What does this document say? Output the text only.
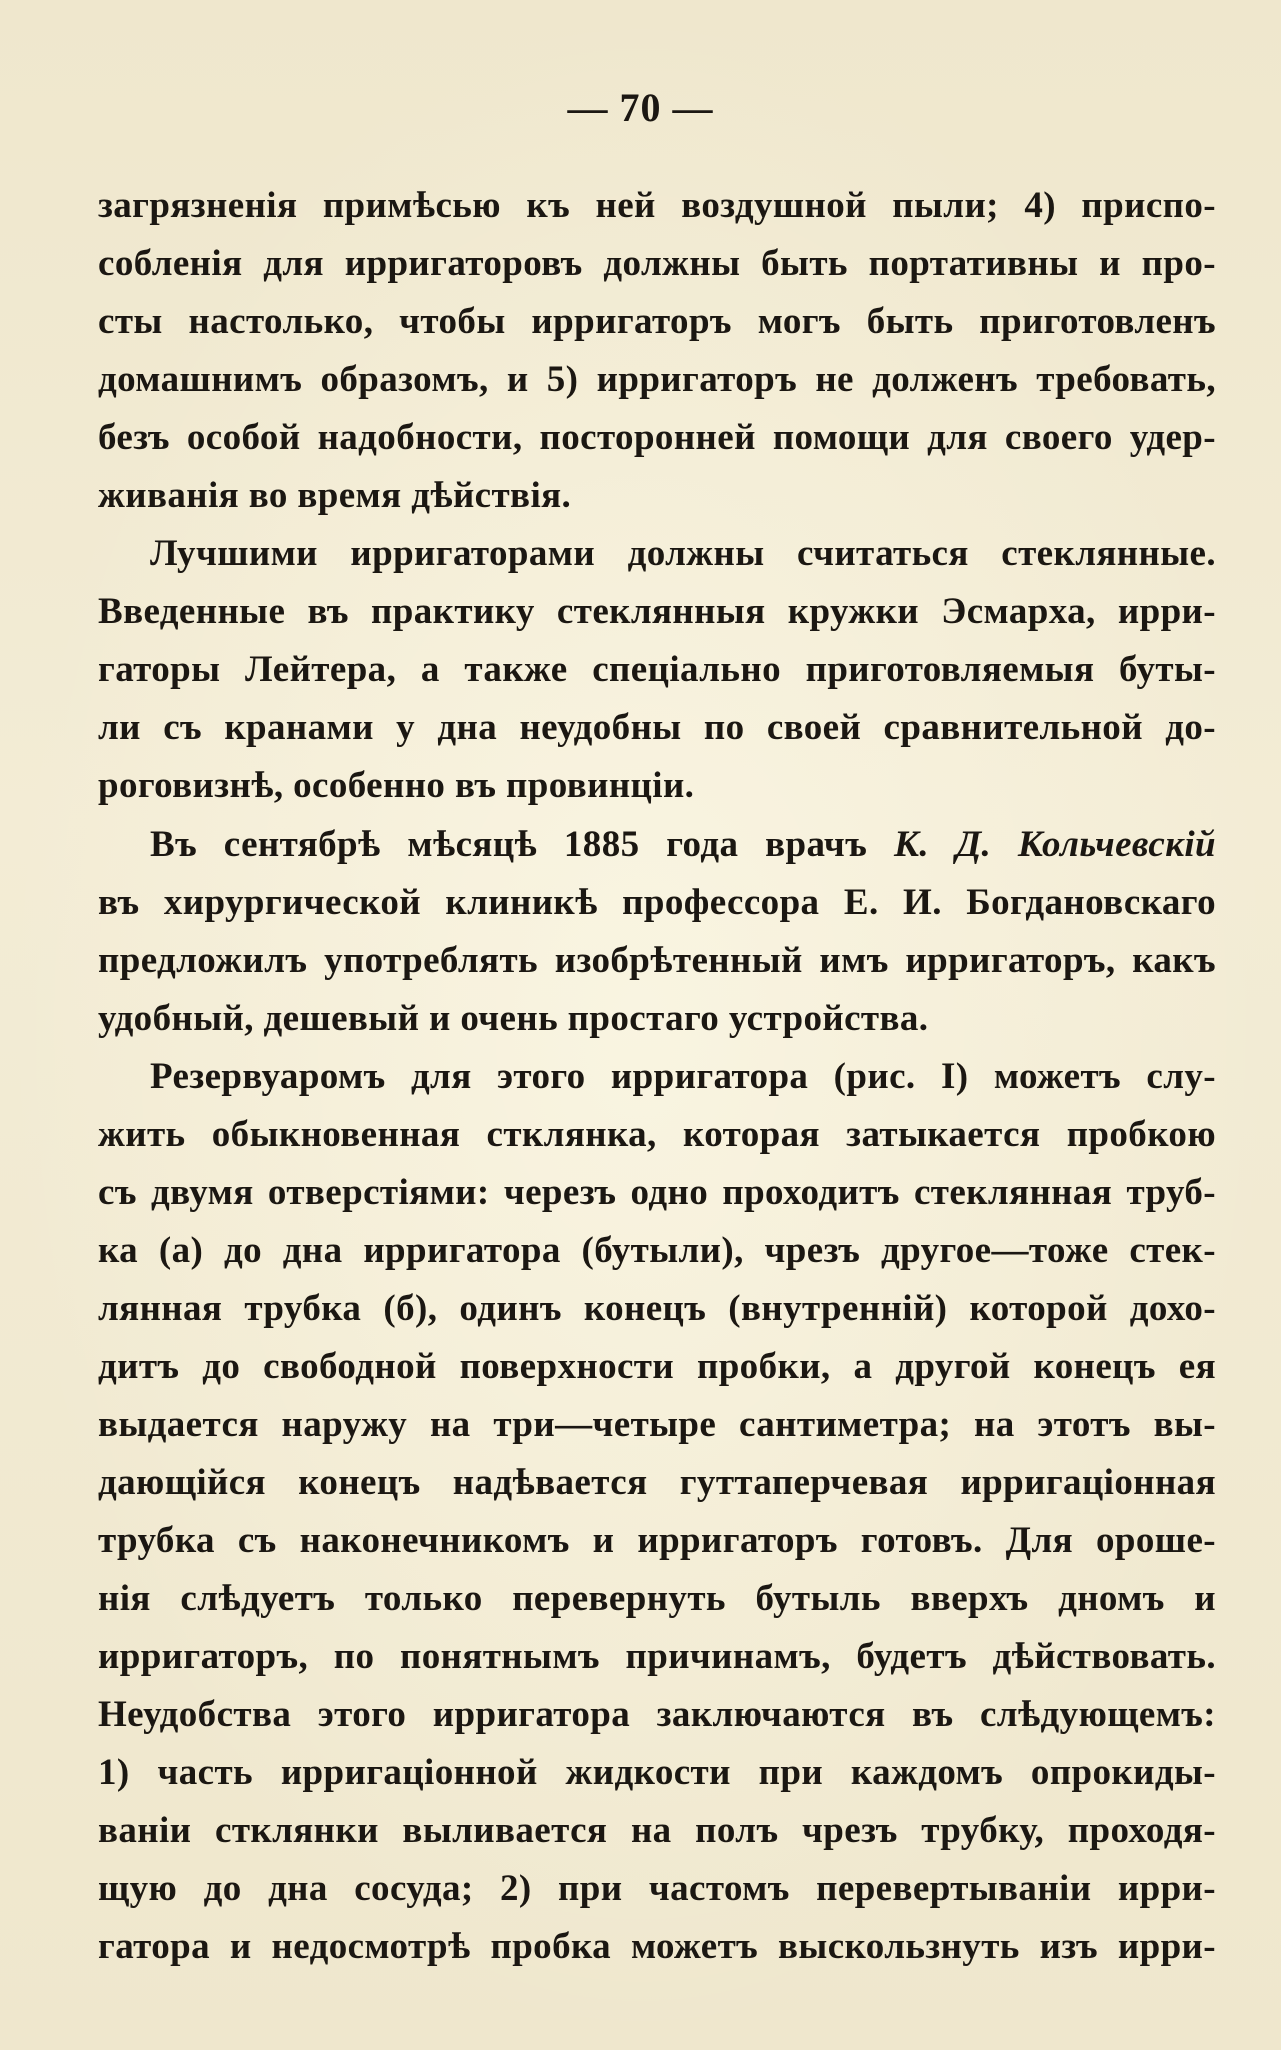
— 70 —
загрязненія примѣсью къ ней воздушной пыли; 4) приспо-
собленія для ирригаторовъ должны быть портативны и про-
сты настолько, чтобы ирригаторъ могъ быть приготовленъ
домашнимъ образомъ, и 5) ирригаторъ не долженъ требовать,
безъ особой надобности, посторонней помощи для своего удер-
живанія во время дѣйствія.
Лучшими ирригаторами должны считаться стеклянные.
Введенные въ практику стеклянныя кружки Эсмарха, ирри-
гаторы Лейтера, а также спеціально приготовляемыя буты-
ли съ кранами у дна неудобны по своей сравнительной до-
роговизнѣ, особенно въ провинціи.
Въ сентябрѣ мѣсяцѣ 1885 года врачъ К. Д. Кольчевскій
въ хирургической клиникѣ профессора Е. И. Богдановскаго
предложилъ употреблять изобрѣтенный имъ ирригаторъ, какъ
удобный, дешевый и очень простаго устройства.
Резервуаромъ для этого ирригатора (рис. I) можетъ слу-
жить обыкновенная стклянка, которая затыкается пробкою
съ двумя отверстіями: черезъ одно проходитъ стеклянная труб-
ка (а) до дна ирригатора (бутыли), чрезъ другое—тоже стек-
лянная трубка (б), одинъ конецъ (внутренній) которой дохо-
дитъ до свободной поверхности пробки, а другой конецъ ея
выдается наружу на три—четыре сантиметра; на этотъ вы-
дающійся конецъ надѣвается гуттаперчевая ирригаціонная
трубка съ наконечникомъ и ирригаторъ готовъ. Для ороше-
нія слѣдуетъ только перевернуть бутыль вверхъ дномъ и
ирригаторъ, по понятнымъ причинамъ, будетъ дѣйствовать.
Неудобства этого ирригатора заключаются въ слѣдующемъ:
1) часть ирригаціонной жидкости при каждомъ опрокиды-
ваніи стклянки выливается на полъ чрезъ трубку, проходя-
щую до дна сосуда; 2) при частомъ перевертываніи ирри-
гатора и недосмотрѣ пробка можетъ выскользнуть изъ ирри-
